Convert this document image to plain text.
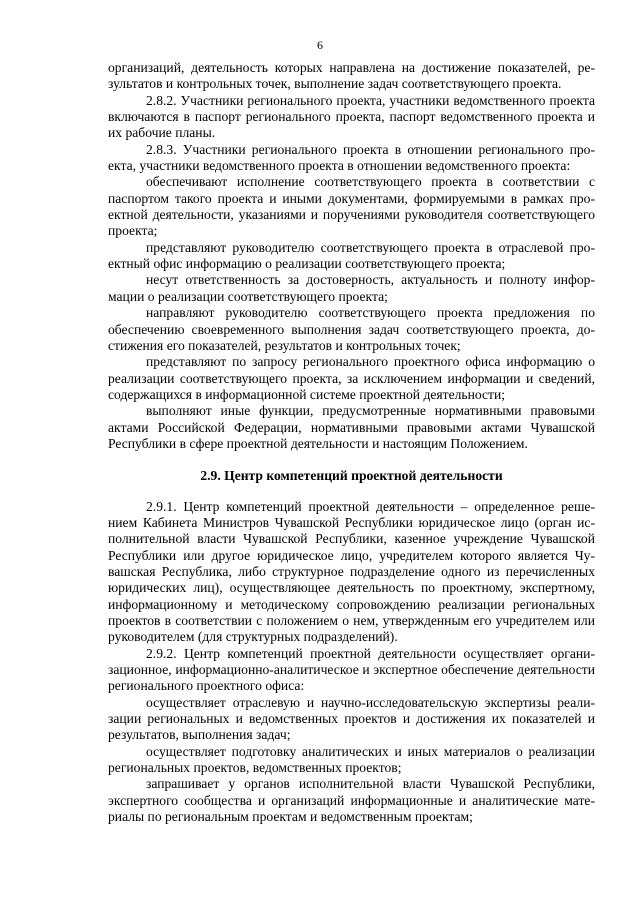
6

организаций, деятельность которых направлена на достижение показателей, результатов и контрольных точек, выполнение задач соответствующего проекта.

2.8.2. Участники регионального проекта, участники ведомственного проекта включаются в паспорт регионального проекта, паспорт ведомственного проекта и их рабочие планы.

2.8.3. Участники регионального проекта в отношении регионального проекта, участники ведомственного проекта в отношении ведомственного проекта:

обеспечивают исполнение соответствующего проекта в соответствии с паспортом такого проекта и иными документами, формируемыми в рамках проектной деятельности, указаниями и поручениями руководителя соответствующего проекта;

представляют руководителю соответствующего проекта в отраслевой проектный офис информацию о реализации соответствующего проекта;

несут ответственность за достоверность, актуальность и полноту информации о реализации соответствующего проекта;

направляют руководителю соответствующего проекта предложения по обеспечению своевременного выполнения задач соответствующего проекта, достижения его показателей, результатов и контрольных точек;

представляют по запросу регионального проектного офиса информацию о реализации соответствующего проекта, за исключением информации и сведений, содержащихся в информационной системе проектной деятельности;

выполняют иные функции, предусмотренные нормативными правовыми актами Российской Федерации, нормативными правовыми актами Чувашской Республики в сфере проектной деятельности и настоящим Положением.

2.9. Центр компетенций проектной деятельности

2.9.1. Центр компетенций проектной деятельности – определенное решением Кабинета Министров Чувашской Республики юридическое лицо (орган исполнительной власти Чувашской Республики, казенное учреждение Чувашской Республики или другое юридическое лицо, учредителем которого является Чувашская Республика, либо структурное подразделение одного из перечисленных юридических лиц), осуществляющее деятельность по проектному, экспертному, информационному и методическому сопровождению реализации региональных проектов в соответствии с положением о нем, утвержденным его учредителем или руководителем (для структурных подразделений).

2.9.2. Центр компетенций проектной деятельности осуществляет организационное, информационно-аналитическое и экспертное обеспечение деятельности регионального проектного офиса:

осуществляет отраслевую и научно-исследовательскую экспертизы реализации региональных и ведомственных проектов и достижения их показателей и результатов, выполнения задач;

осуществляет подготовку аналитических и иных материалов о реализации региональных проектов, ведомственных проектов;

запрашивает у органов исполнительной власти Чувашской Республики, экспертного сообщества и организаций информационные и аналитические материалы по региональным проектам и ведомственным проектам;
